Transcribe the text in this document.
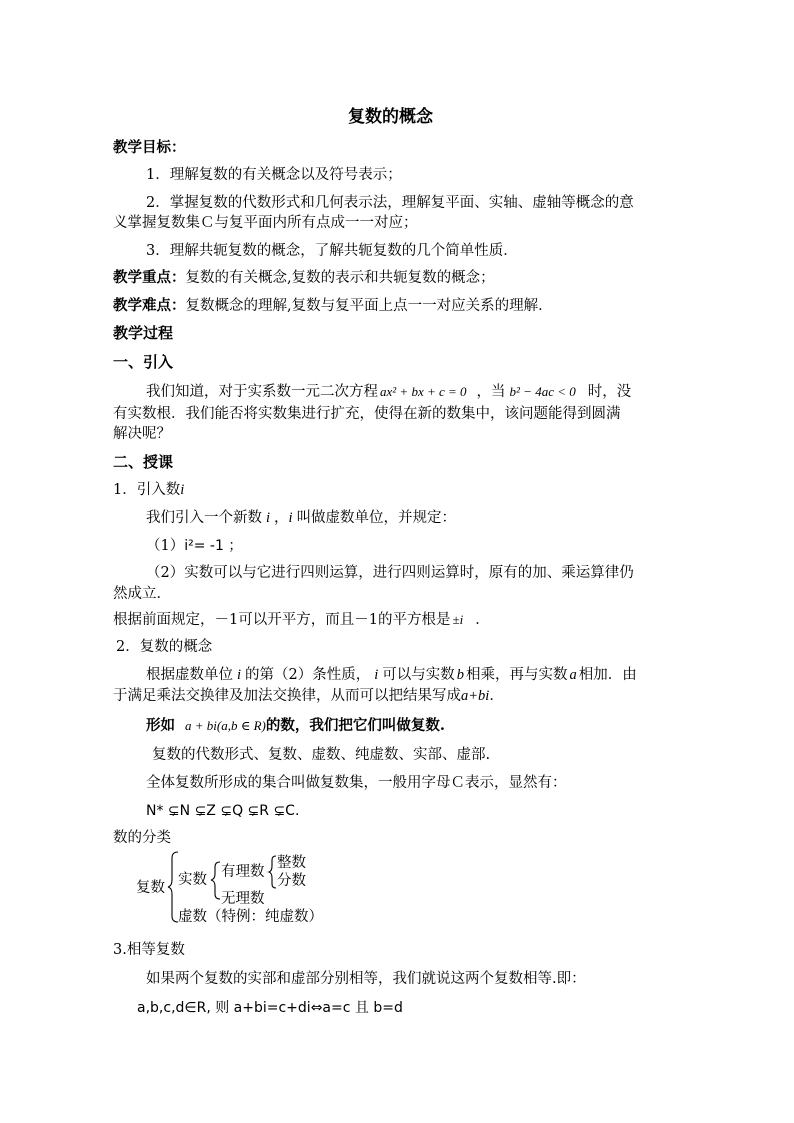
复数的概念
教学目标：
1．理解复数的有关概念以及符号表示；
2．掌握复数的代数形式和几何表示法，理解复平面、实轴、虚轴等概念的意
义掌握复数集Ｃ与复平面内所有点成一一对应；
3．理解共轭复数的概念，了解共轭复数的几个简单性质．
教学重点：复数的有关概念,复数的表示和共轭复数的概念；
教学难点：复数概念的理解,复数与复平面上点一一对应关系的理解．
教学过程
一、引入
我们知道，对于实系数一元二次方程 ax² + bx + c = 0 ，当 b² − 4ac < 0 时，没
有实数根．我们能否将实数集进行扩充，使得在新的数集中，该问题能得到圆满
解决呢？
二、授课
1．引入数i
我们引入一个新数 i ，i 叫做虚数单位，并规定：
（1）i²= -1 ；
（2）实数可以与它进行四则运算，进行四则运算时，原有的加、乘运算律仍
然成立．
根据前面规定，－1可以开平方，而且－1的平方根是 ±i ．
2．复数的概念
根据虚数单位 i 的第（2）条性质， i 可以与实数 b 相乘，再与实数 a 相加．由
于满足乘法交换律及加法交换律，从而可以把结果写成a+bi．
形如 a + bi(a,b ∈ R)的数，我们把它们叫做复数.
复数的代数形式、复数、虚数、纯虚数、实部、虚部.
全体复数所形成的集合叫做复数集，一般用字母Ｃ表示，显然有：
N* ⊊N ⊊Z ⊊Q ⊊R ⊊C.
数的分类
复数 实数 有理数
整数
分数
无理数
虚数（特例：纯虚数）
3.相等复数
如果两个复数的实部和虚部分别相等，我们就说这两个复数相等.即：
a,b,c,d∈R, 则 a+bi=c+di⇔a=c 且 b=d
